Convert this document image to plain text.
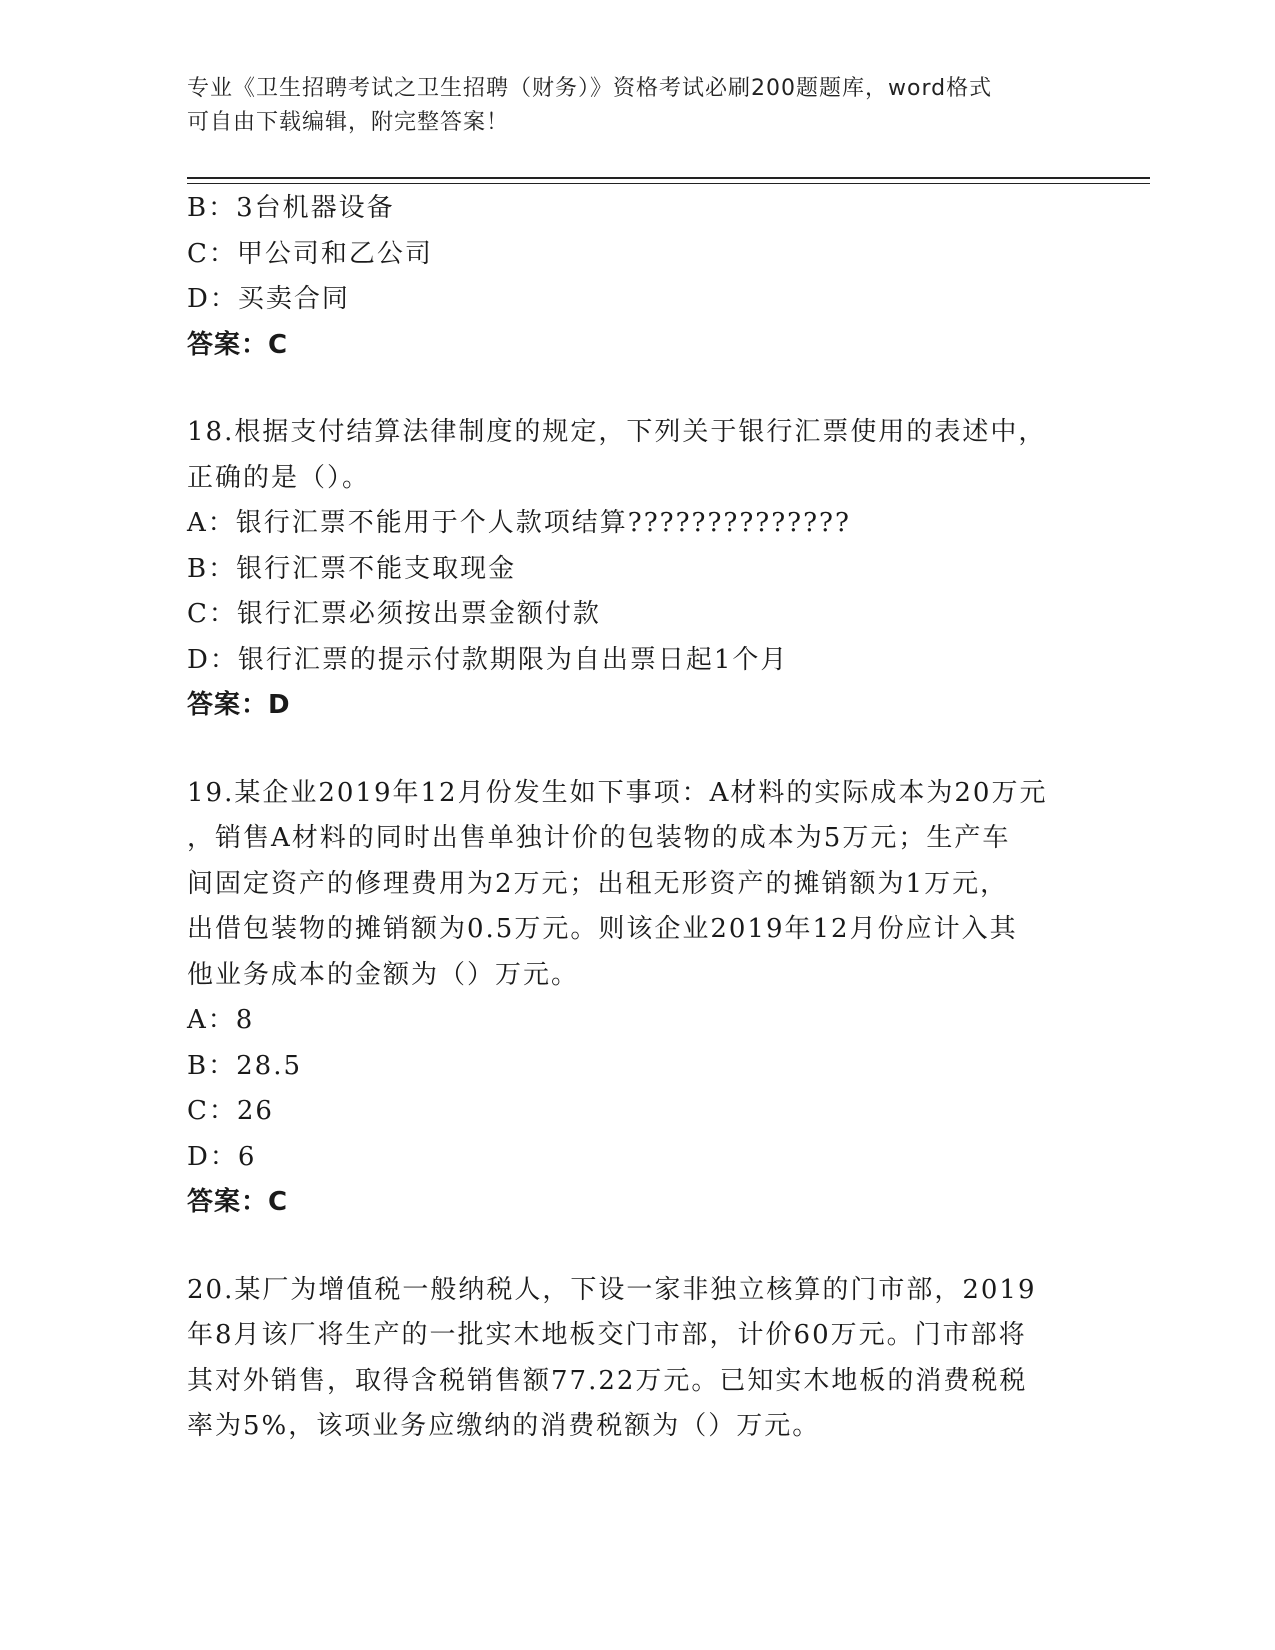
专业《卫生招聘考试之卫生招聘（财务）》资格考试必刷200题题库，word格式
可自由下载编辑，附完整答案！
B：3台机器设备
C：甲公司和乙公司
D：买卖合同
答案：C
18.根据支付结算法律制度的规定，下列关于银行汇票使用的表述中，
正确的是（）。
A：银行汇票不能用于个人款项结算??????????????
B：银行汇票不能支取现金
C：银行汇票必须按出票金额付款
D：银行汇票的提示付款期限为自出票日起1个月
答案：D
19.某企业2019年12月份发生如下事项：A材料的实际成本为20万元
，销售A材料的同时出售单独计价的包装物的成本为5万元；生产车
间固定资产的修理费用为2万元；出租无形资产的摊销额为1万元，
出借包装物的摊销额为0.5万元。则该企业2019年12月份应计入其
他业务成本的金额为（）万元。
A：8
B：28.5
C：26
D：6
答案：C
20.某厂为增值税一般纳税人，下设一家非独立核算的门市部，2019
年8月该厂将生产的一批实木地板交门市部，计价60万元。门市部将
其对外销售，取得含税销售额77.22万元。已知实木地板的消费税税
率为5%，该项业务应缴纳的消费税额为（）万元。
